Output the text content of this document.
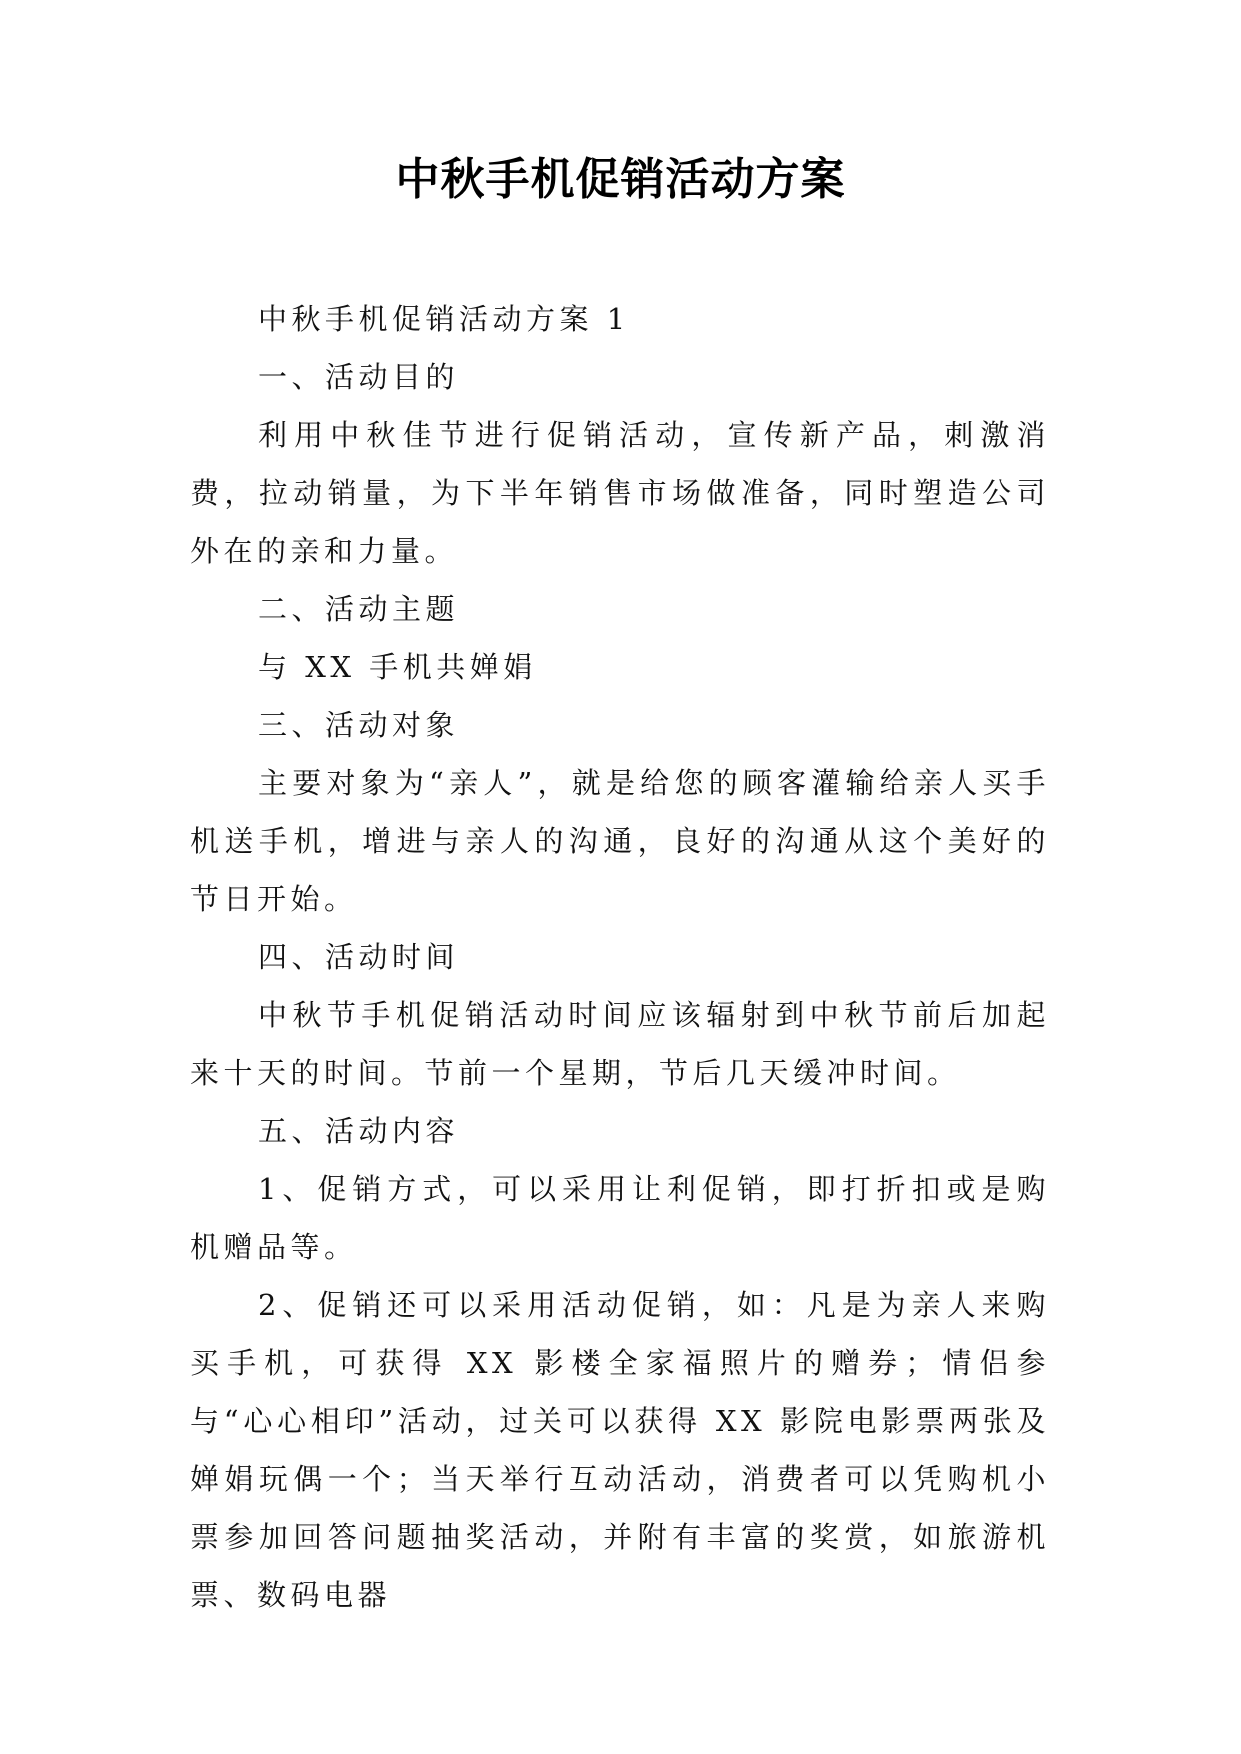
中秋手机促销活动方案

中秋手机促销活动方案 1

一、活动目的

利用中秋佳节进行促销活动，宣传新产品，刺激消费，拉动销量，为下半年销售市场做准备，同时塑造公司外在的亲和力量。

二、活动主题

与 XX 手机共婵娟

三、活动对象

主要对象为“亲人”，就是给您的顾客灌输给亲人买手机送手机，增进与亲人的沟通，良好的沟通从这个美好的节日开始。

四、活动时间

中秋节手机促销活动时间应该辐射到中秋节前后加起来十天的时间。节前一个星期，节后几天缓冲时间。

五、活动内容

1、促销方式，可以采用让利促销，即打折扣或是购机赠品等。

2、促销还可以采用活动促销，如：凡是为亲人来购买手机，可获得 XX 影楼全家福照片的赠券；情侣参与“心心相印”活动，过关可以获得 XX 影院电影票两张及婵娟玩偶一个；当天举行互动活动，消费者可以凭购机小票参加回答问题抽奖活动，并附有丰富的奖赏，如旅游机票、数码电器
